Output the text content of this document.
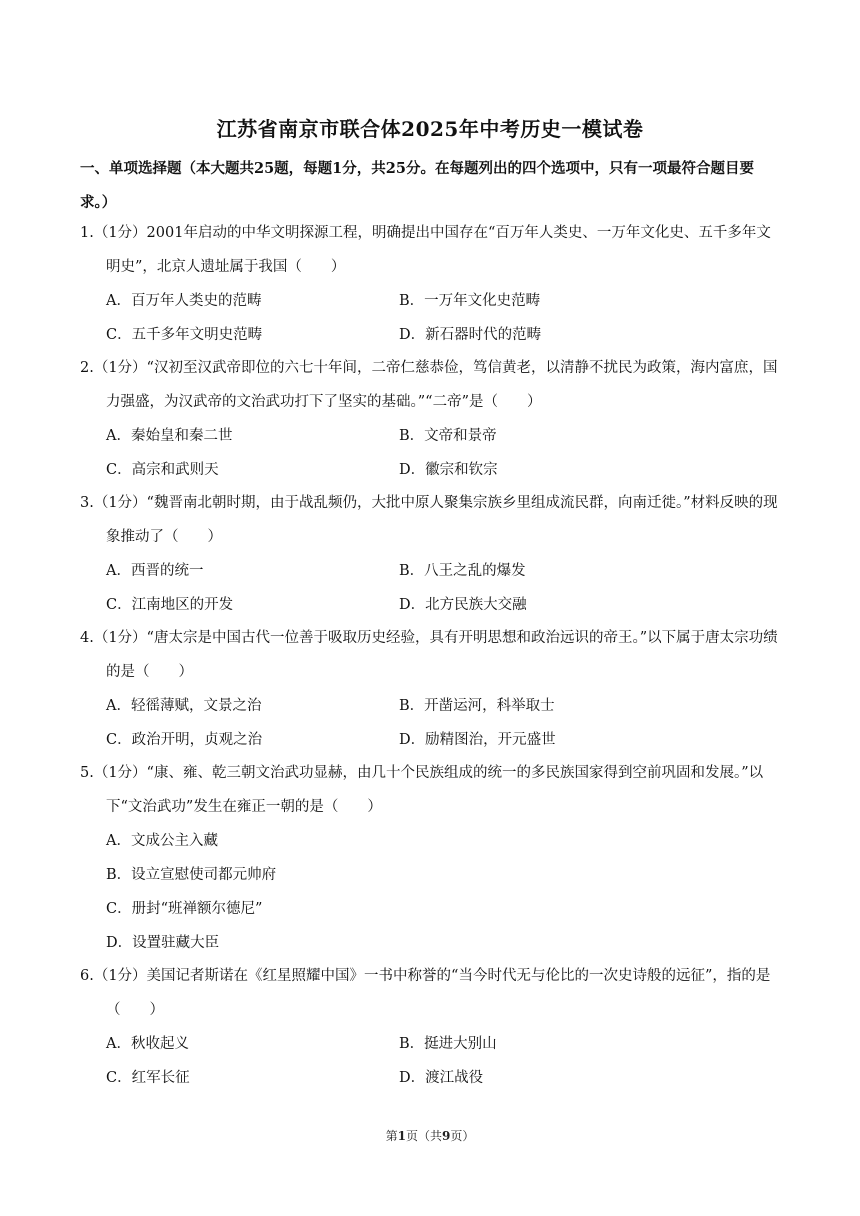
江苏省南京市联合体2025年中考历史一模试卷
一、单项选择题（本大题共25题，每题1分，共25分。在每题列出的四个选项中，只有一项最符合题目要求。）
1.（1分）2001年启动的中华文明探源工程，明确提出中国存在“百万年人类史、一万年文化史、五千多年文明史”，北京人遗址属于我国（　　）
A．百万年人类史的范畴	B．一万年文化史范畴
C．五千多年文明史范畴	D．新石器时代的范畴
2.（1分）“汉初至汉武帝即位的六七十年间，二帝仁慈恭俭，笃信黄老，以清静不扰民为政策，海内富庶，国力强盛，为汉武帝的文治武功打下了坚实的基础。”“二帝”是（　　）
A．秦始皇和秦二世	B．文帝和景帝
C．高宗和武则天	D．徽宗和钦宗
3.（1分）“魏晋南北朝时期，由于战乱频仍，大批中原人聚集宗族乡里组成流民群，向南迁徙。”材料反映的现象推动了（　　）
A．西晋的统一	B．八王之乱的爆发
C．江南地区的开发	D．北方民族大交融
4.（1分）“唐太宗是中国古代一位善于吸取历史经验，具有开明思想和政治远识的帝王。”以下属于唐太宗功绩的是（　　）
A．轻徭薄赋，文景之治	B．开凿运河，科举取士
C．政治开明，贞观之治	D．励精图治，开元盛世
5.（1分）“康、雍、乾三朝文治武功显赫，由几十个民族组成的统一的多民族国家得到空前巩固和发展。”以下“文治武功”发生在雍正一朝的是（　　）
A．文成公主入藏
B．设立宣慰使司都元帅府
C．册封“班禅额尔德尼”
D．设置驻藏大臣
6.（1分）美国记者斯诺在《红星照耀中国》一书中称誉的“当今时代无与伦比的一次史诗般的远征”，指的是（　　）
A．秋收起义	B．挺进大别山
C．红军长征	D．渡江战役
第1页（共9页）
